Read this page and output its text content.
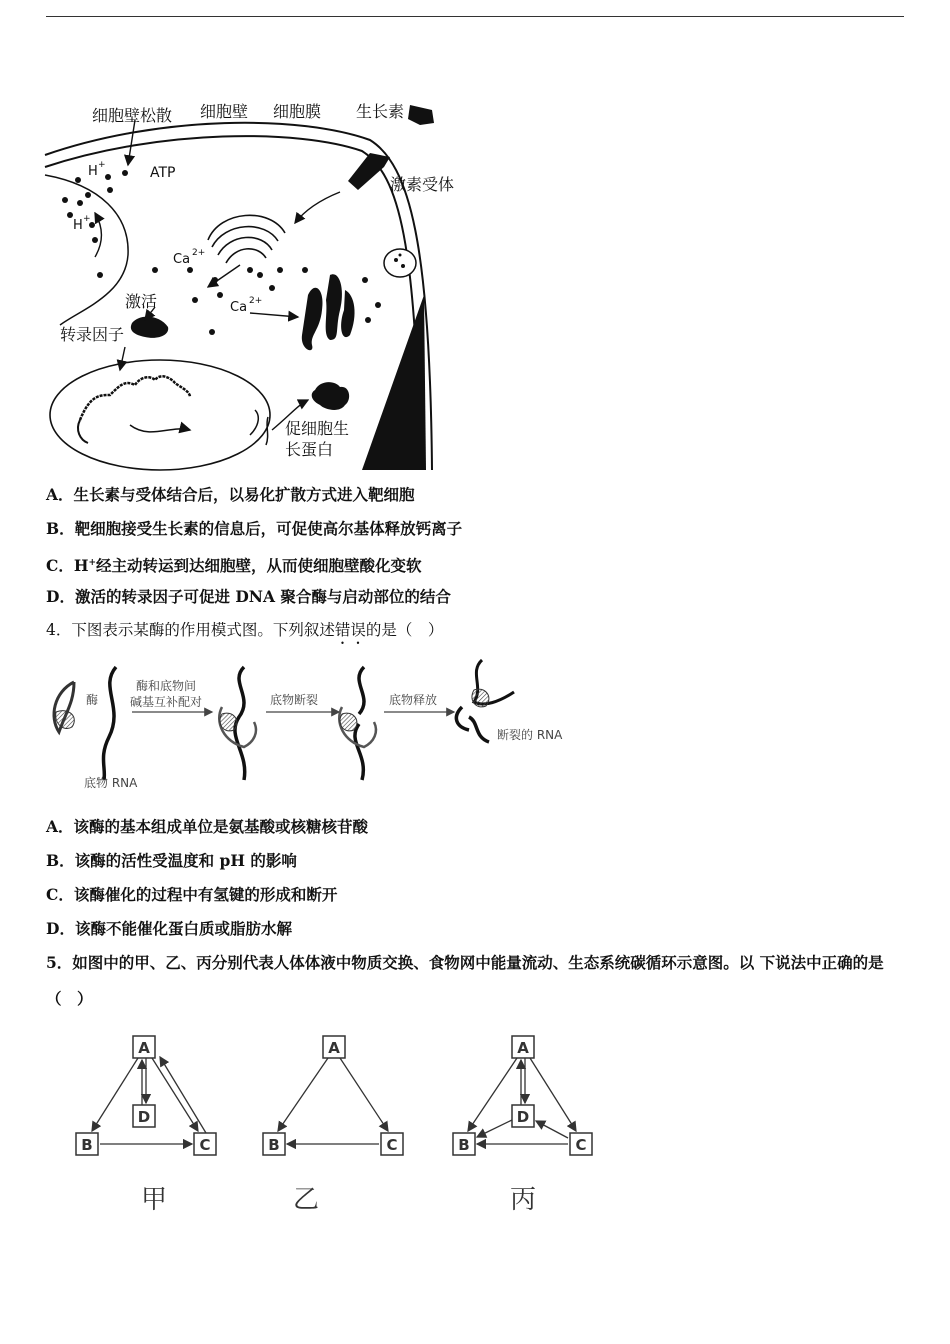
细胞壁松散 细胞壁 细胞膜 生长素
激素受体
H +
H +
ATP
Ca 2+
Ca 2+
激活
转录因子
促细胞生
长蛋白
A．生长素与受体结合后，以易化扩散方式进入靶细胞
B．靶细胞接受生长素的信息后，可促使高尔基体释放钙离子
C．H+经主动转运到达细胞壁，从而使细胞壁酸化变软
D．激活的转录因子可促进 DNA 聚合酶与启动部位的结合
4．下图表示某酶的作用模式图。下列叙述错误的是（　）
酶
底物 RNA
酶和底物间
碱基互补配对	底物断裂	底物释放
断裂的 RNA
A．该酶的基本组成单位是氨基酸或核糖核苷酸
B．该酶的活性受温度和 pH 的影响
C．该酶催化的过程中有氢键的形成和断开
D．该酶不能催化蛋白质或脂肪水解
5．如图中的甲、乙、丙分别代表人体体液中物质交换、食物网中能量流动、生态系统碳循环示意图。以 下说法中正确的是（　）
A
D
B	C
甲
A
B	C
乙
A
D
B	C
丙
